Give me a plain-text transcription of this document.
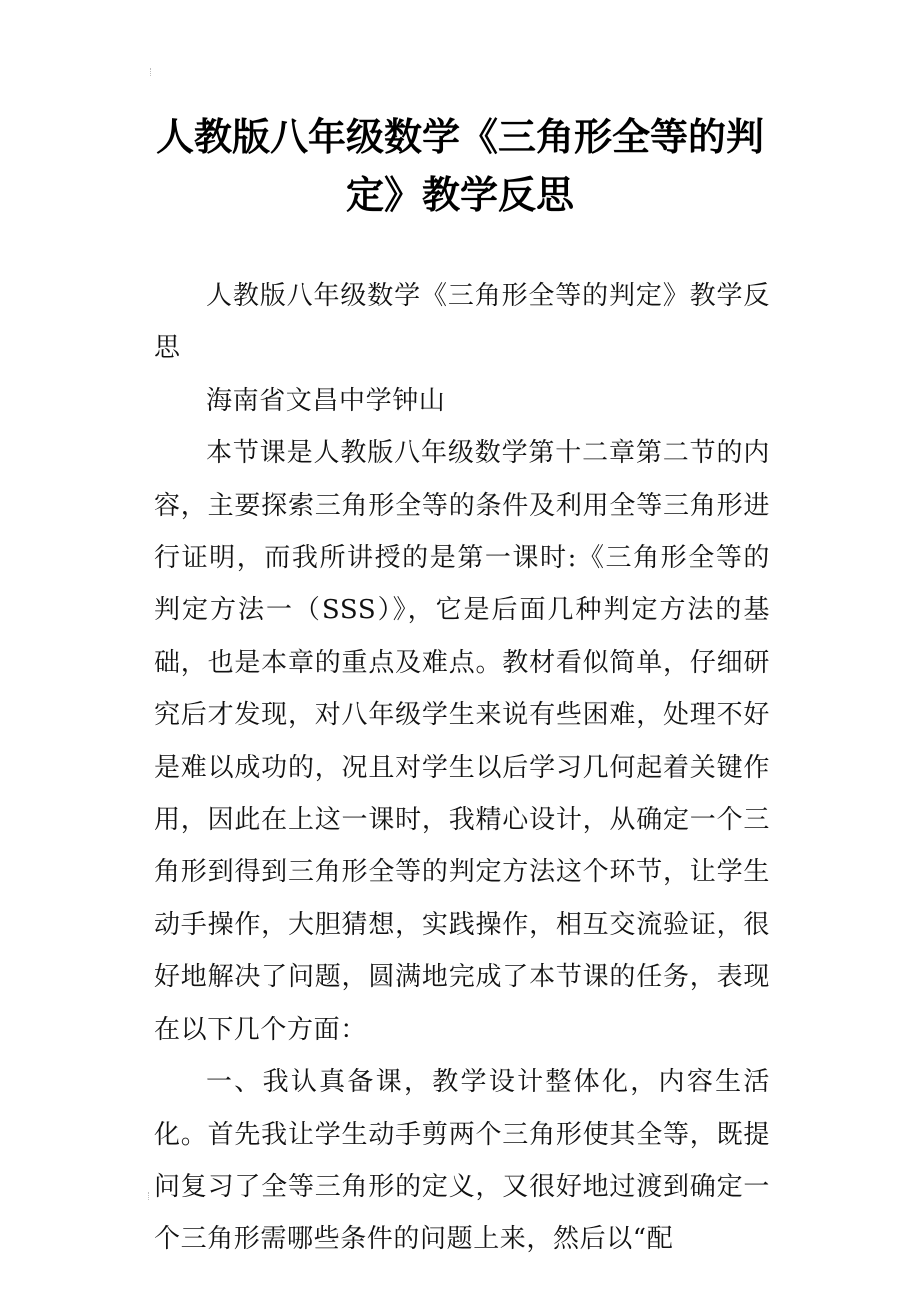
人教版八年级数学《三角形全等的判定》教学反思

人教版八年级数学《三角形全等的判定》教学反思

海南省文昌中学钟山

本节课是人教版八年级数学第十二章第二节的内容，主要探索三角形全等的条件及利用全等三角形进行证明，而我所讲授的是第一课时:《三角形全等的判定方法一（SSS）》，它是后面几种判定方法的基础，也是本章的重点及难点。教材看似简单，仔细研究后才发现，对八年级学生来说有些困难，处理不好是难以成功的，况且对学生以后学习几何起着关键作用，因此在上这一课时，我精心设计，从确定一个三角形到得到三角形全等的判定方法这个环节，让学生动手操作，大胆猜想，实践操作，相互交流验证，很好地解决了问题，圆满地完成了本节课的任务，表现在以下几个方面：

一、我认真备课，教学设计整体化，内容生活化。首先我让学生动手剪两个三角形使其全等，既提问复习了全等三角形的定义，又很好地过渡到确定一个三角形需哪些条件的问题上来，然后以“配
